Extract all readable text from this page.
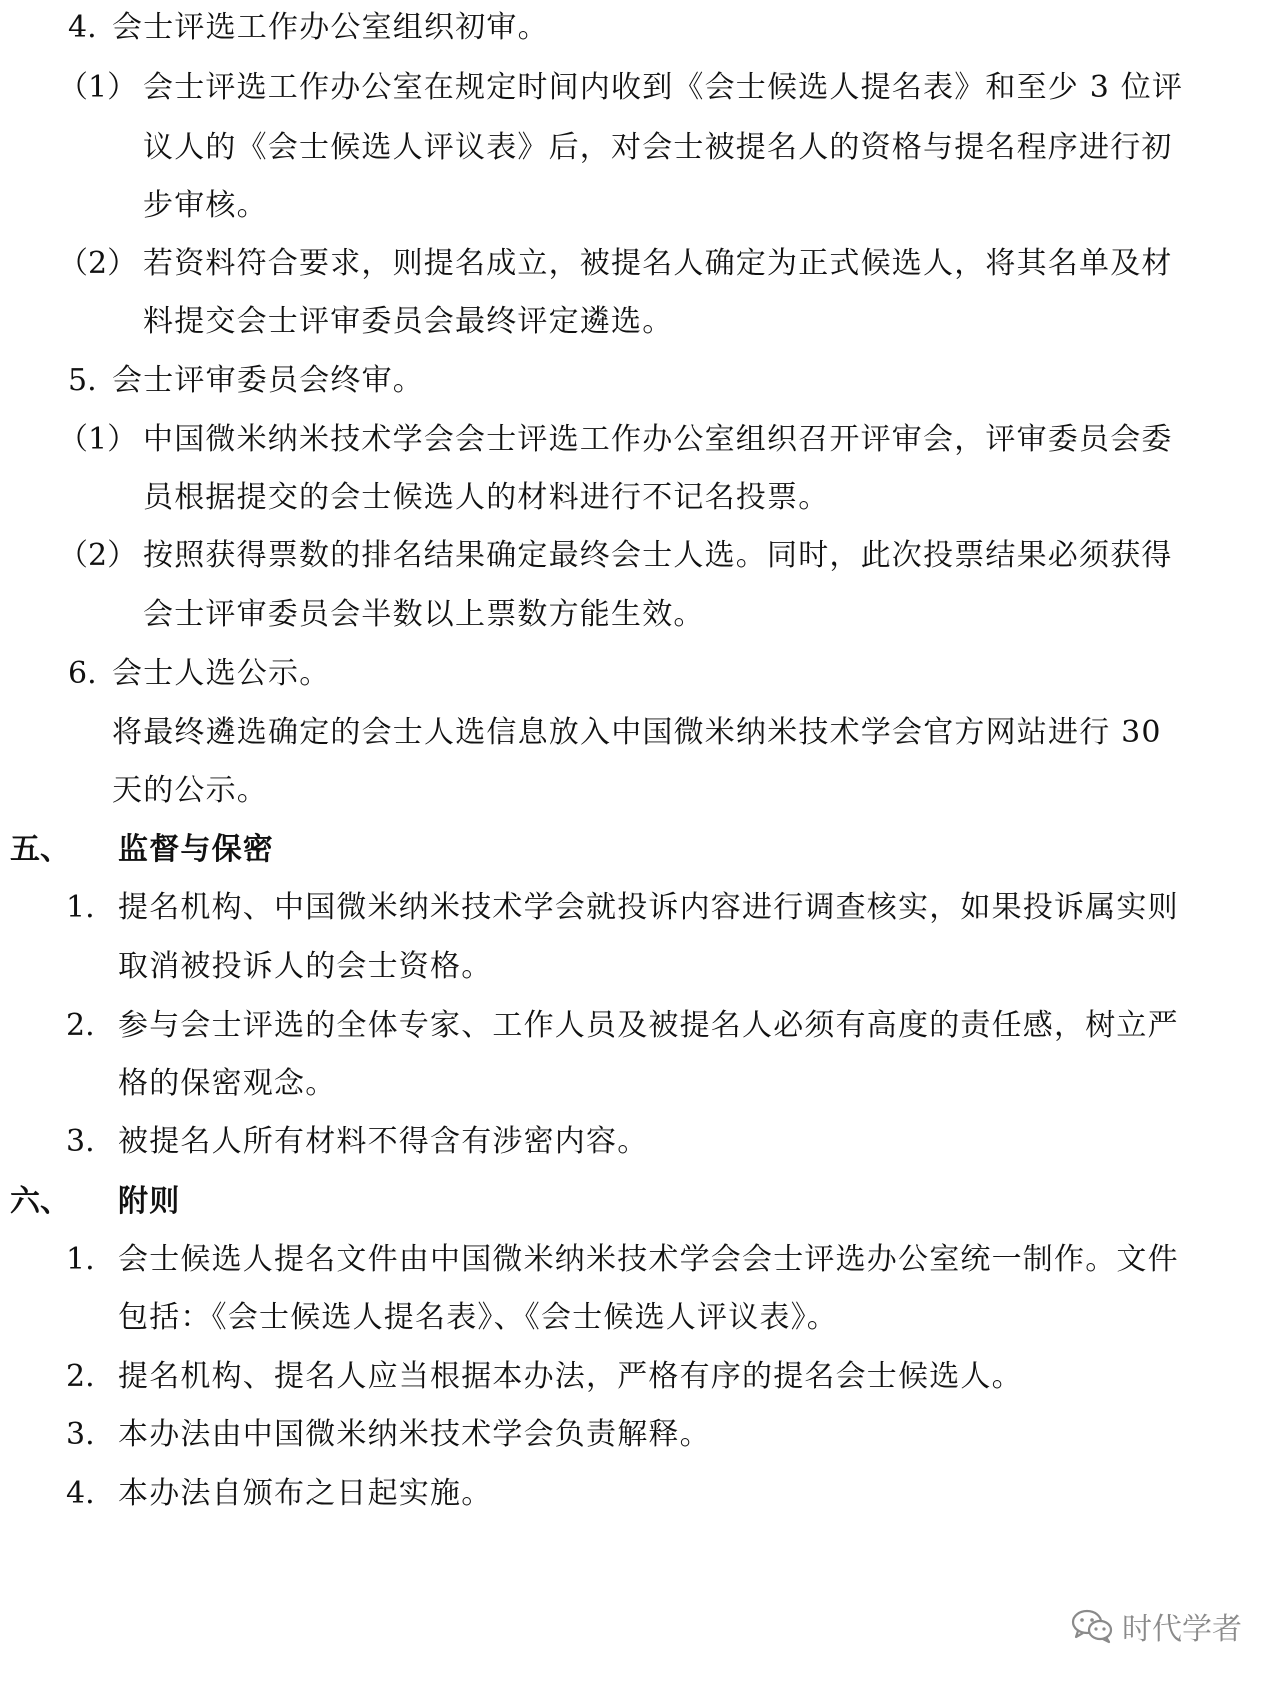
4. 会士评选工作办公室组织初审。
（1） 会士评选工作办公室在规定时间内收到《会士候选人提名表》和至少 3 位评
议人的《会士候选人评议表》后，对会士被提名人的资格与提名程序进行初
步审核。
（2） 若资料符合要求，则提名成立，被提名人确定为正式候选人，将其名单及材
料提交会士评审委员会最终评定遴选。
5. 会士评审委员会终审。
（1） 中国微米纳米技术学会会士评选工作办公室组织召开评审会，评审委员会委
员根据提交的会士候选人的材料进行不记名投票。
（2） 按照获得票数的排名结果确定最终会士人选。同时，此次投票结果必须获得
会士评审委员会半数以上票数方能生效。
6. 会士人选公示。
将最终遴选确定的会士人选信息放入中国微米纳米技术学会官方网站进行 30
天的公示。
五、 监督与保密
1. 提名机构、中国微米纳米技术学会就投诉内容进行调查核实，如果投诉属实则
取消被投诉人的会士资格。
2. 参与会士评选的全体专家、工作人员及被提名人必须有高度的责任感，树立严
格的保密观念。
3. 被提名人所有材料不得含有涉密内容。
六、 附则
1. 会士候选人提名文件由中国微米纳米技术学会会士评选办公室统一制作。文件
包括：《会士候选人提名表》、《会士候选人评议表》。
2. 提名机构、提名人应当根据本办法，严格有序的提名会士候选人。
3. 本办法由中国微米纳米技术学会负责解释。
4. 本办法自颁布之日起实施。
时代学者
